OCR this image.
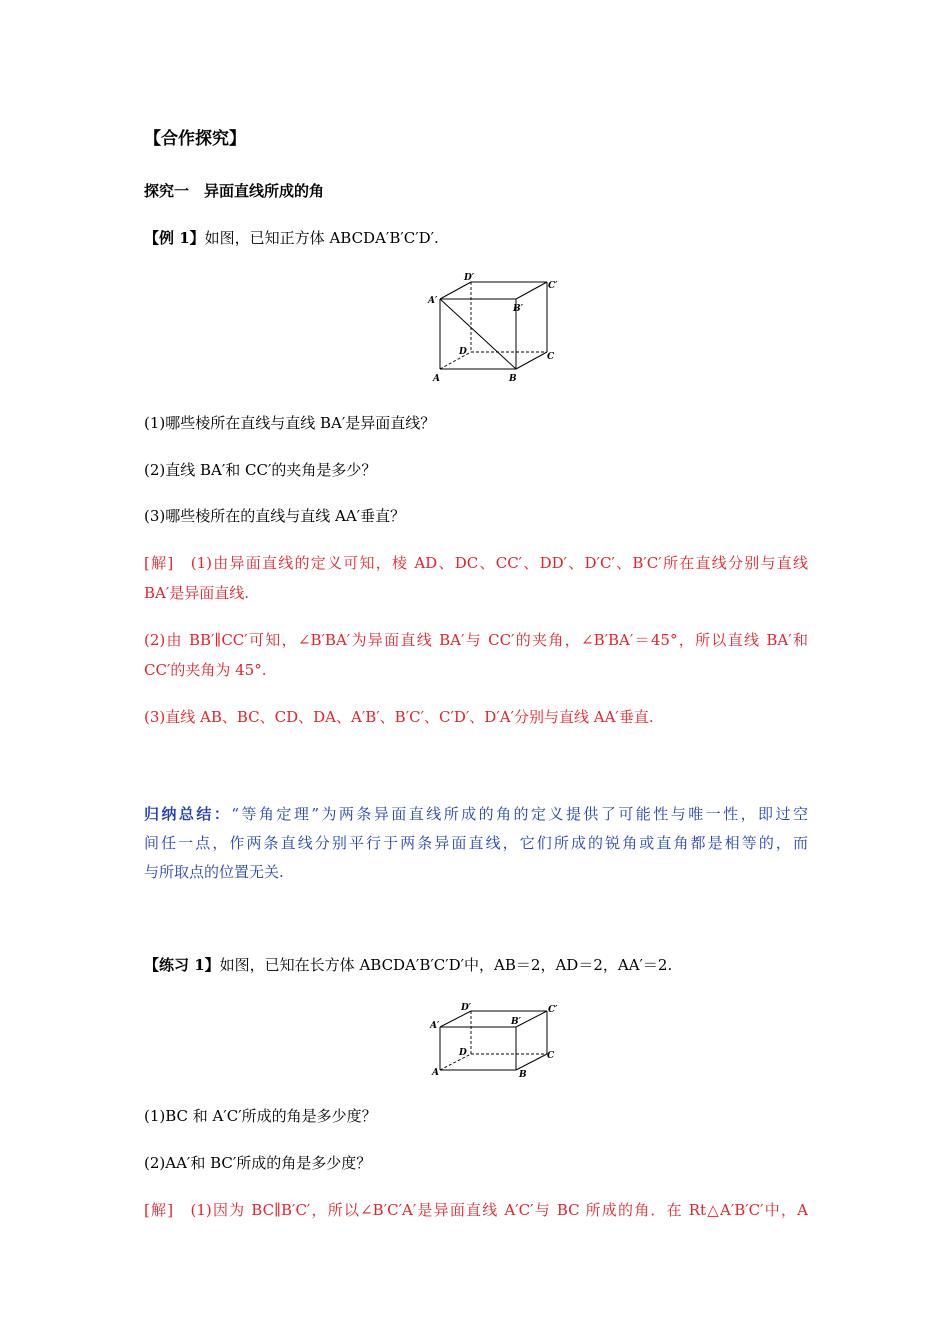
【合作探究】
探究一　异面直线所成的角
【例 1】如图，已知正方体 ABCDA′B′C′D′.
D′
C′
A′
B′
D	C
A	B
(1)哪些棱所在直线与直线 BA′是异面直线？
(2)直线 BA′和 CC′的夹角是多少？
(3)哪些棱所在的直线与直线 AA′垂直？
[解]　(1)由异面直线的定义可知，棱 AD、DC、CC′、DD′、D′C′、B′C′所在直线分别与直线
BA′是异面直线.
(2)由 BB′∥CC′可知，∠B′BA′为异面直线 BA′与 CC′的夹角，∠B′BA′＝45°，所以直线 BA′和
CC′的夹角为 45°.
(3)直线 AB、BC、CD、DA、A′B′、B′C′、C′D′、D′A′分别与直线 AA′垂直.
归纳总结：“等角定理”为两条异面直线所成的角的定义提供了可能性与唯一性，即过空
间任一点，作两条直线分别平行于两条异面直线，它们所成的锐角或直角都是相等的，而
与所取点的位置无关.
【练习 1】如图，已知在长方体 ABCDA′B′C′D′中，AB＝2，AD＝2，AA′＝2.
D′	C′
A′	B′
D	C
A	B
(1)BC 和 A′C′所成的角是多少度？
(2)AA′和 BC′所成的角是多少度？
[解]　(1)因为 BC∥B′C′，所以∠B′C′A′是异面直线 A′C′与 BC 所成的角．在 Rt△A′B′C′中，A
